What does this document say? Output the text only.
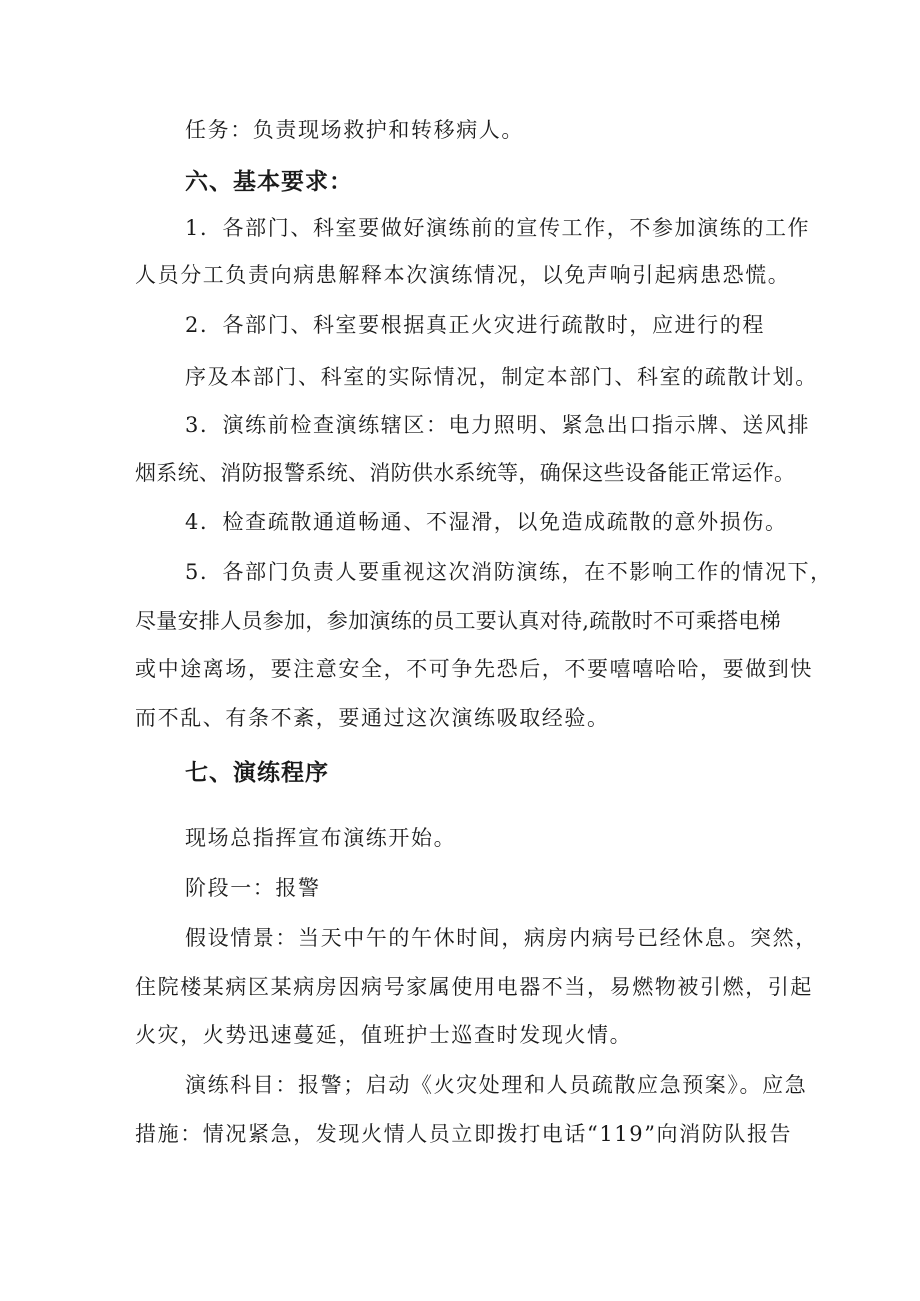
任务：负责现场救护和转移病人。

六、基本要求：

1．各部门、科室要做好演练前的宣传工作，不参加演练的工作

人员分工负责向病患解释本次演练情况，以免声响引起病患恐慌。

2．各部门、科室要根据真正火灾进行疏散时，应进行的程

序及本部门、科室的实际情况，制定本部门、科室的疏散计划。

3．演练前检查演练辖区：电力照明、紧急出口指示牌、送风排

烟系统、消防报警系统、消防供水系统等，确保这些设备能正常运作。

4．检查疏散通道畅通、不湿滑，以免造成疏散的意外损伤。

5．各部门负责人要重视这次消防演练，在不影响工作的情况下，

尽量安排人员参加，参加演练的员工要认真对待,疏散时不可乘搭电梯

或中途离场，要注意安全，不可争先恐后，不要嘻嘻哈哈，要做到快

而不乱、有条不紊，要通过这次演练吸取经验。

七、演练程序

现场总指挥宣布演练开始。

阶段一：报警

假设情景：当天中午的午休时间，病房内病号已经休息。突然，

住院楼某病区某病房因病号家属使用电器不当，易燃物被引燃，引起

火灾，火势迅速蔓延，值班护士巡查时发现火情。

演练科目：报警；启动《火灾处理和人员疏散应急预案》。应急

措施：情况紧急，发现火情人员立即拨打电话“119”向消防队报告
